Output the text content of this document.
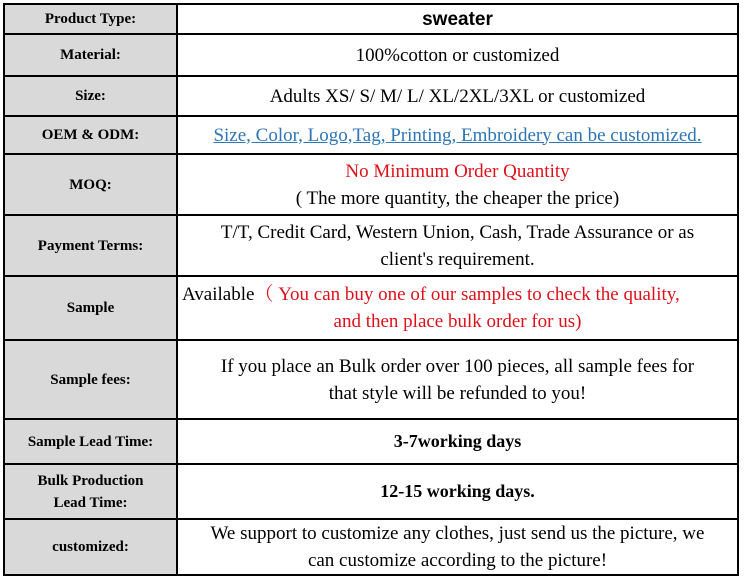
Product Type:	sweater
Material:	100%cotton or customized
Size:	Adults XS/ S/ M/ L/ XL/2XL/3XL or customized
OEM & ODM:	Size, Color, Logo,Tag, Printing, Embroidery can be customized.
MOQ:	No Minimum Order Quantity
( The more quantity, the cheaper the price)

Payment Terms:	T/T, Credit Card, Western Union, Cash, Trade Assurance or as
client's requirement.

Sample	Available（ You can buy one of our samples to check the quality,
and then place bulk order for us)

Sample fees:	If you place an Bulk order over 100 pieces, all sample fees for
that style will be refunded to you!

Sample Lead Time:	3-7working days

Bulk Production
Lead Time:	12-15 working days.
customized:	We support to customize any clothes, just send us the picture, we
can customize according to the picture!
